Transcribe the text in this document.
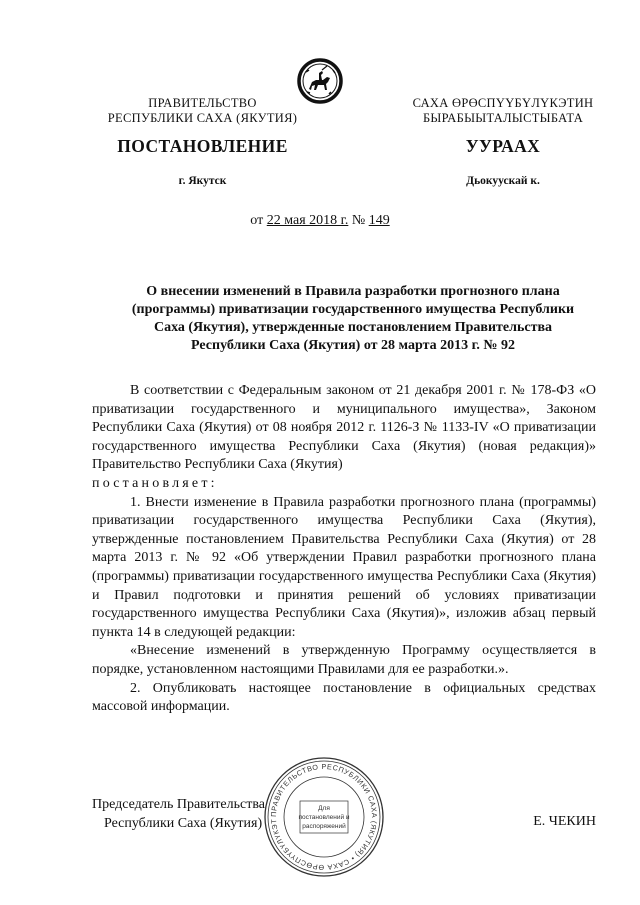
ПРАВИТЕЛЬСТВО
РЕСПУБЛИКИ САХА (ЯКУТИЯ)
САХА ӨРӨСПҮҮБҮЛҮКЭТИН
БЫРАБЫЫТАЛЫСТЫБАТА
ПОСТАНОВЛЕНИЕ	УУРААХ
г. Якутск	Дьокуускай к.
от 22 мая 2018 г. № 149
О внесении изменений в Правила разработки прогнозного плана
(программы) приватизации государственного имущества Республики
Саха (Якутия), утвержденные постановлением Правительства
Республики Саха (Якутия) от 28 марта 2013 г. № 92

В соответствии с Федеральным законом от 21 декабря 2001 г. № 178-ФЗ «О приватизации государственного и муниципального имущества», Законом Республики Саха (Якутия) от 08 ноября 2012 г. 1126-З № 1133-IV «О приватизации государственного имущества Республики Саха (Якутия) (новая редакция)» Правительство Республики Саха (Якутия)

постановляет:

1. Внести изменение в Правила разработки прогнозного плана (программы) приватизации государственного имущества Республики Саха (Якутия), утвержденные постановлением Правительства Республики Саха (Якутия) от 28 марта 2013 г. № 92 «Об утверждении Правил разработки прогнозного плана (программы) приватизации государственного имущества Республики Саха (Якутия) и Правил подготовки и принятия решений об условиях приватизации государственного имущества Республики Саха (Якутия)», изложив абзац первый пункта 14 в следующей редакции:

«Внесение изменений в утвержденную Программу осуществляется в порядке, установленном настоящими Правилами для ее разработки.».

2. Опубликовать настоящее постановление в официальных средствах массовой информации.

Председатель Правительства
Республики Саха (Якутия)
ПРАВИТЕЛЬСТВО РЕСПУБЛИКИ САХА (ЯКУТИЯ) • САХА ӨРӨСПҮҮБҮЛҮКЭТ
Для
постановлений и
распоряжений	Е. ЧЕКИН
